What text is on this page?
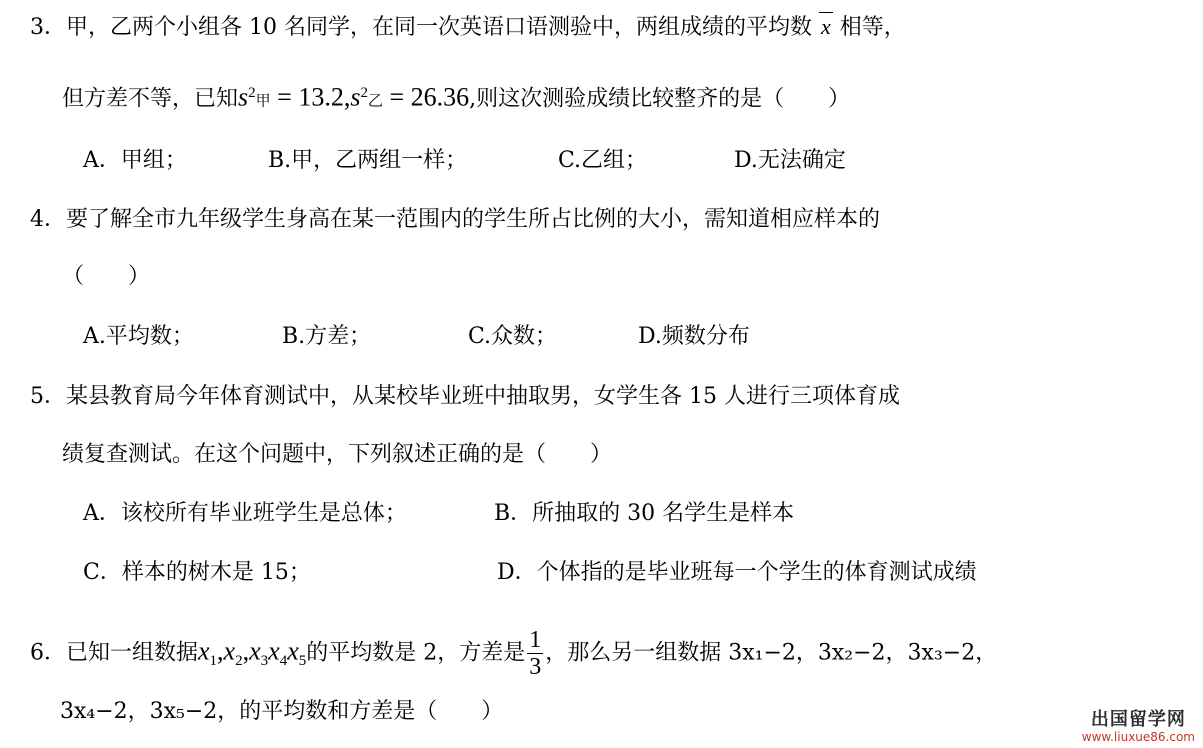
3．甲，乙两个小组各 10 名同学，在同一次英语口语测验中，两组成绩的平均数 x 相等，
但方差不等，已知$s^2$甲 = $13.2,s^2$乙 = 26.36,则这次测验成绩比较整齐的是（　　）
A．甲组；	B.甲，乙两组一样；	C.乙组；	D.无法确定
4．要了解全市九年级学生身高在某一范围内的学生所占比例的大小，需知道相应样本的
（　　）
A.平均数；	B.方差；	C.众数；	D.频数分布
5．某县教育局今年体育测试中，从某校毕业班中抽取男，女学生各 15 人进行三项体育成
绩复查测试。在这个问题中，下列叙述正确的是（　　）
A．该校所有毕业班学生是总体；	B．所抽取的 30 名学生是样本
C．样本的树木是 15；	D．个体指的是毕业班每一个学生的体育测试成绩
6．已知一组数据$x_1,x_2,x_3x_4x_5$的平均数是 2，方差是 $\frac{1}{3}$ ，那么另一组数据 3x₁−2，3x₂−2，3x₃−2，
3x₄−2，3x₅−2，的平均数和方差是（　　）	出国留学网
www.liuxue86.com
